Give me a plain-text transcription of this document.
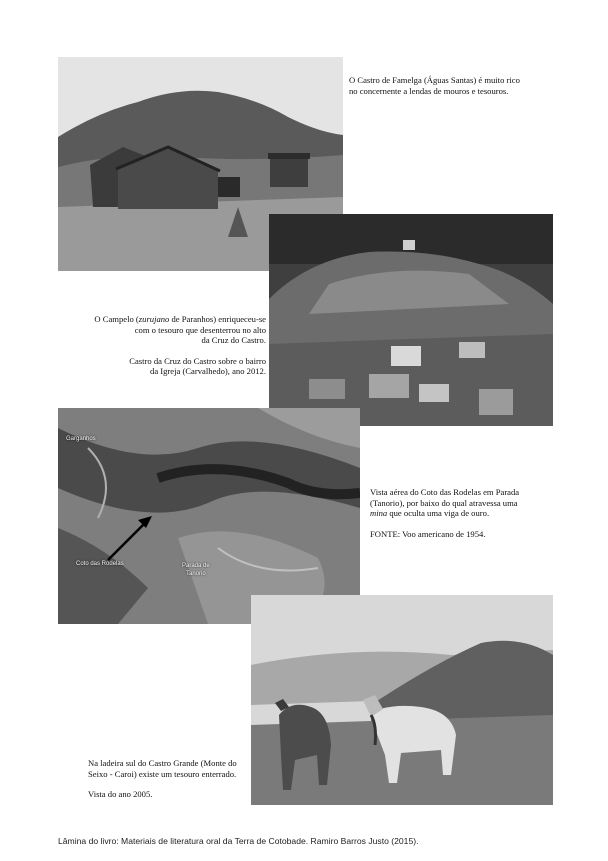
O Castro de Famelga (Águas Santas) é muito rico

no concernente a lendas de mouros e tesouros.

O Campelo (zurujano de Paranhos) enriqueceu-se

com o tesouro que desenterrou no alto

da Cruz do Castro.

Castro da Cruz do Castro sobre o bairro

da Igreja (Carvalhedo), ano 2012.

Garganhos
Coto das Rodelas	Parada de
Tanorio

Vista aérea do Coto das Rodelas em Parada

(Tanorio), por baixo do qual atravessa uma

mina que oculta uma viga de ouro.

FONTE: Voo americano de 1954.

Na ladeira sul do Castro Grande (Monte do

Seixo - Caroi) existe um tesouro enterrado.

Vista do ano 2005.

Lâmina do livro: Materiais de literatura oral da Terra de Cotobade. Ramiro Barros Justo (2015).
